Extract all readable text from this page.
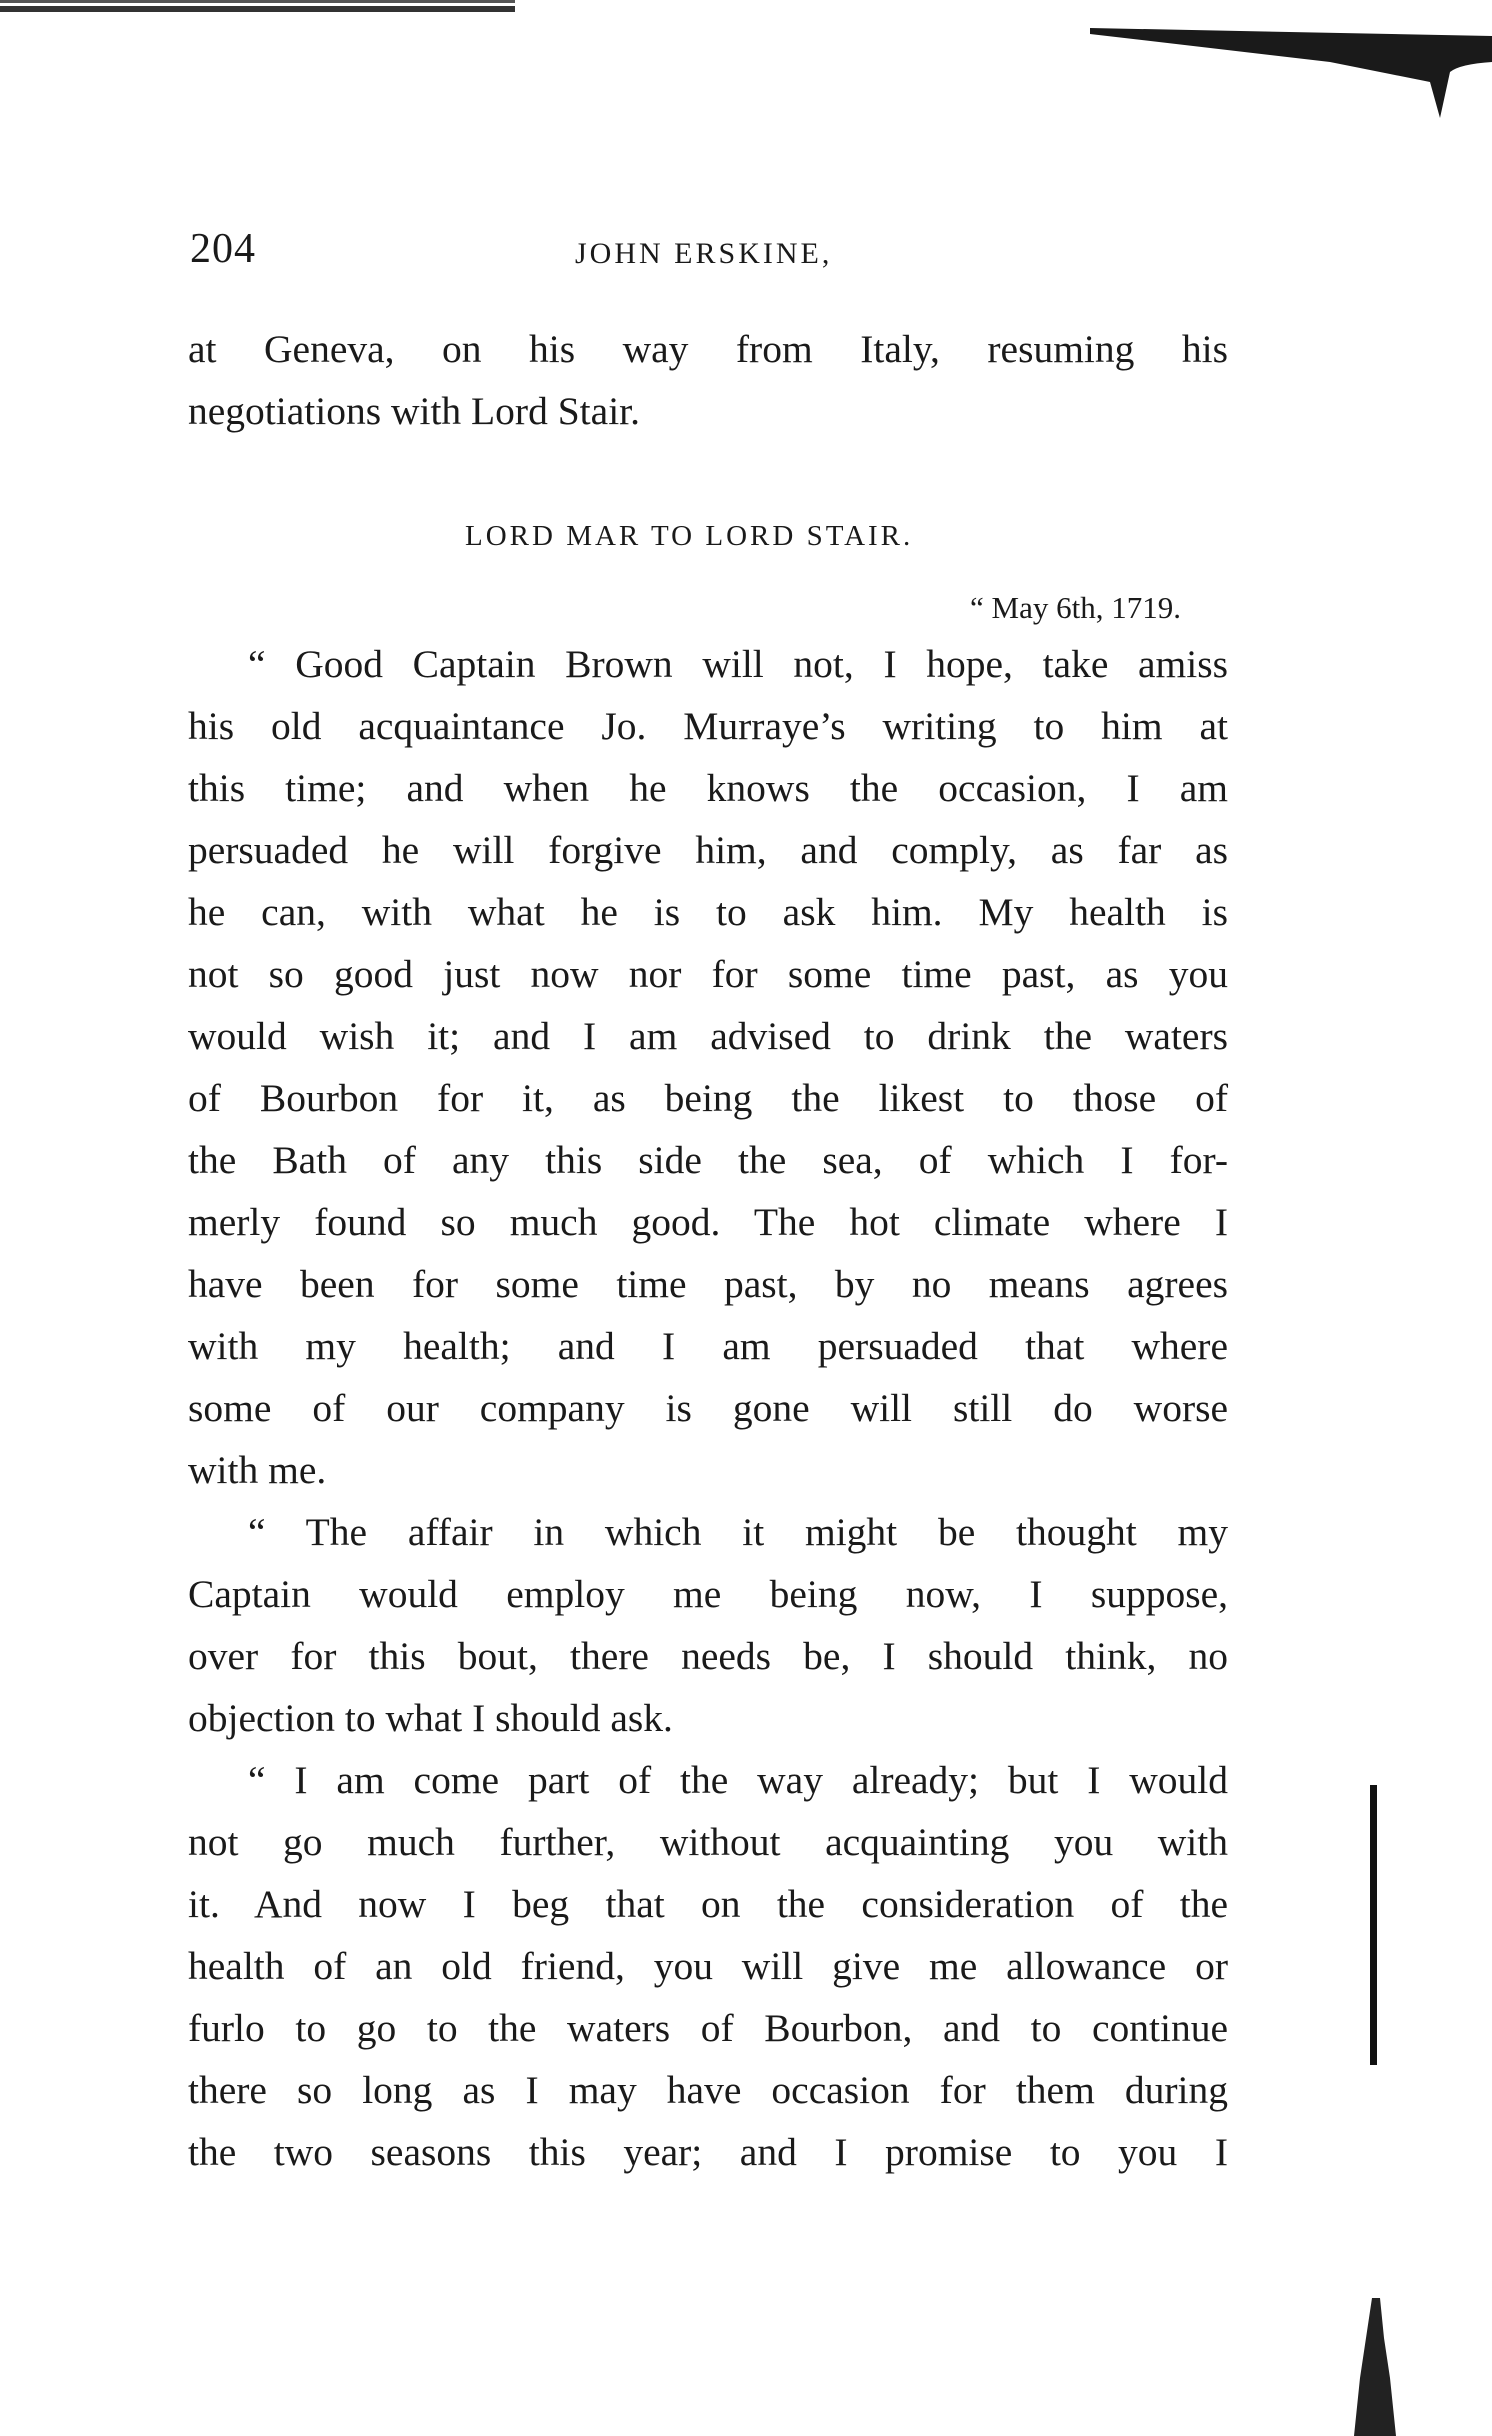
204	JOHN ERSKINE,
at Geneva, on his way from Italy, resuming his
negotiations with Lord Stair.
LORD MAR TO LORD STAIR.
“ May 6th, 1719.
“ Good Captain Brown will not, I hope, take amiss
his old acquaintance Jo. Murraye’s writing to him at
this time; and when he knows the occasion, I am
persuaded he will forgive him, and comply, as far as
he can, with what he is to ask him. My health is
not so good just now nor for some time past, as you
would wish it; and I am advised to drink the waters
of Bourbon for it, as being the likest to those of
the Bath of any this side the sea, of which I for-
merly found so much good. The hot climate where I
have been for some time past, by no means agrees
with my health; and I am persuaded that where
some of our company is gone will still do worse
with me.
“ The affair in which it might be thought my
Captain would employ me being now, I suppose,
over for this bout, there needs be, I should think, no
objection to what I should ask.
“ I am come part of the way already; but I would
not go much further, without acquainting you with
it. And now I beg that on the consideration of the
health of an old friend, you will give me allowance or
furlo to go to the waters of Bourbon, and to continue
there so long as I may have occasion for them during
the two seasons this year; and I promise to you I
